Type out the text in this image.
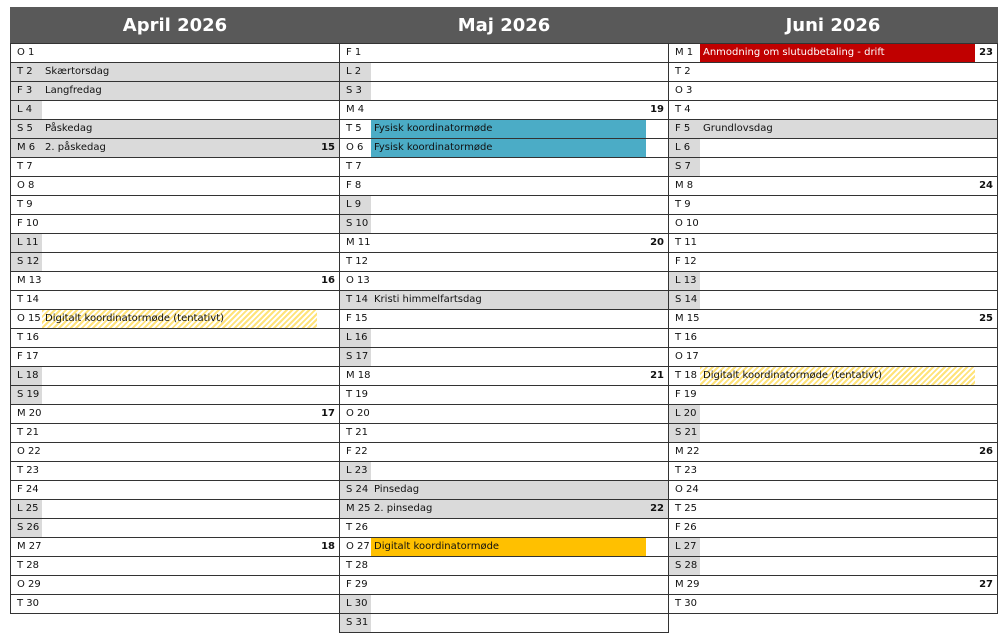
April 2026
O 1
T 2	Skærtorsdag
F 3	Langfredag
L 4
S 5	Påskedag
M 6 2. påskedag	15
T 7
O 8
T 9
F 10
L 11
S 12
M 13	16
T 14
O 15 Digitalt koordinatormøde (tentativt)
T 16
F 17
L 18
S 19
M 20	17
T 21
O 22
T 23
F 24
L 25
S 26
M 27	18
T 28
O 29
T 30
Maj 2026
F 1
L 2
S 3
M 4	19
T 5	Fysisk koordinatormøde
O 6	Fysisk koordinatormøde
T 7
F 8
L 9
S 10
M 11	20
T 12
O 13
T 14 Kristi himmelfartsdag
F 15
L 16
S 17
M 18	21
T 19
O 20
T 21
F 22
L 23
S 24 Pinsedag
M 25 2. pinsedag	22
T 26
O 27 Digitalt koordinatormøde
T 28
F 29
L 30
S 31
Juni 2026
M 1 Anmodning om slutudbetaling - drift	23
T 2
O 3
T 4
F 5	Grundlovsdag
L 6
S 7
M 8	24
T 9
O 10
T 11
F 12
L 13
S 14
M 15	25
T 16
O 17
T 18 Digitalt koordinatormøde (tentativt)
F 19
L 20
S 21
M 22	26
T 23
O 24
T 25
F 26
L 27
S 28
M 29	27
T 30
